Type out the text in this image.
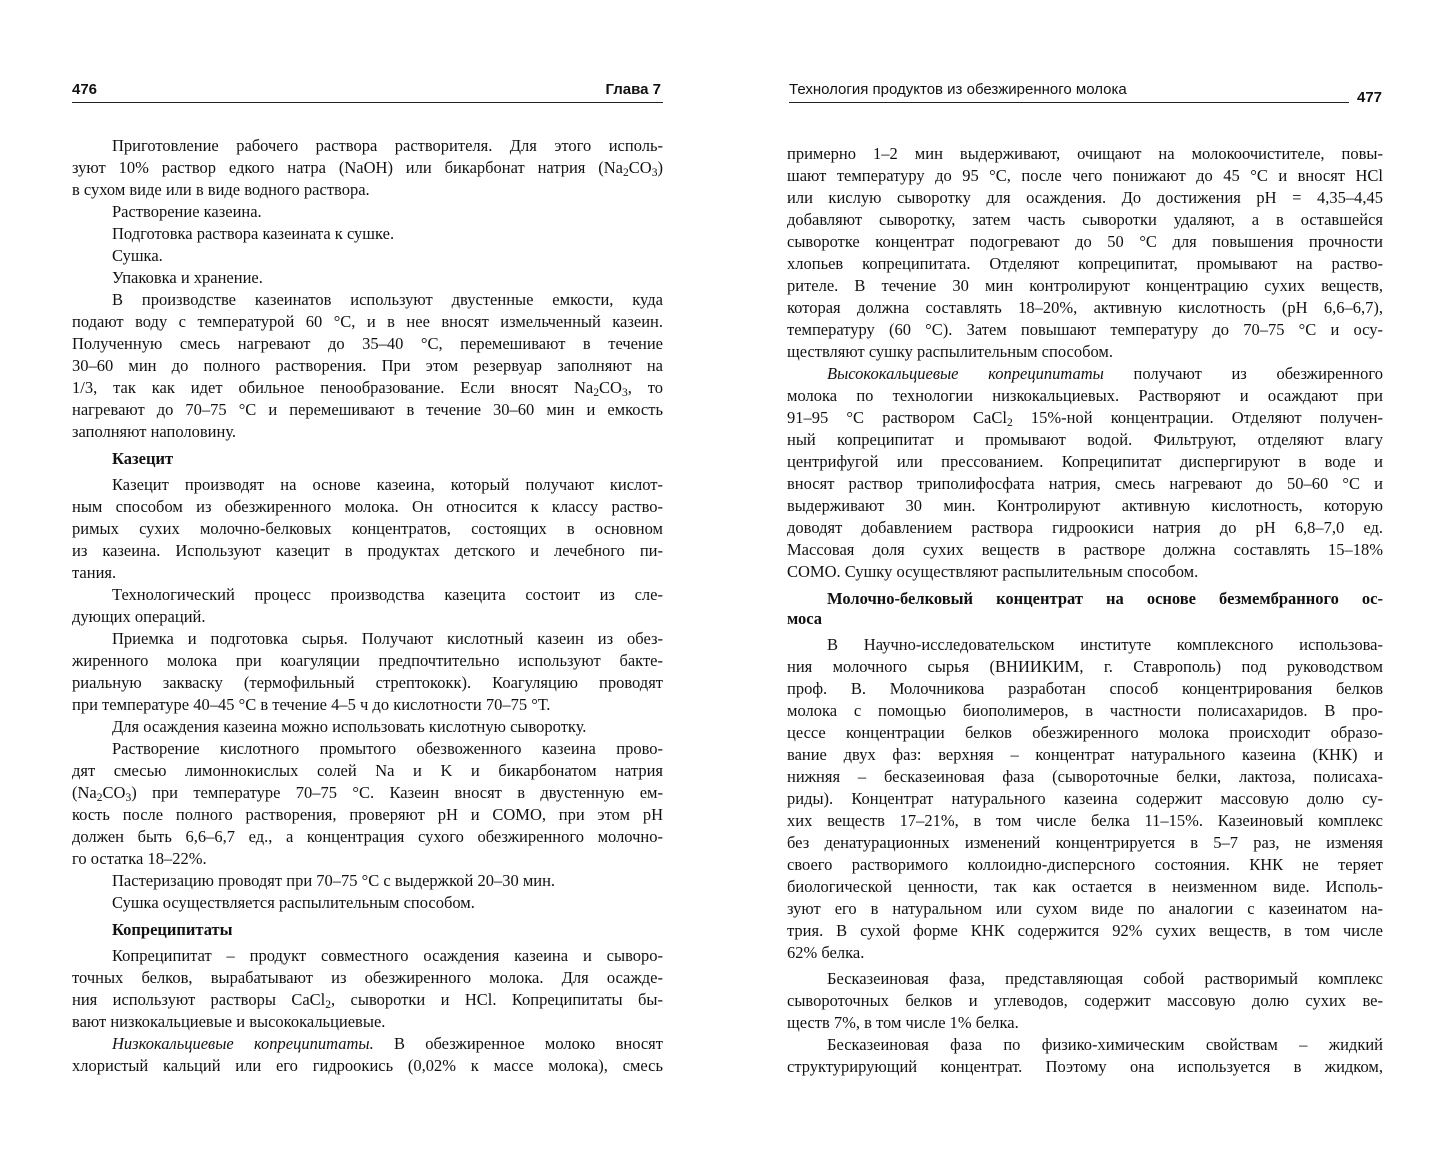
476	Глава 7
Приготовление рабочего раствора растворителя. Для этого исполь-
зуют 10% раствор едкого натра (NaOH) или бикарбонат натрия $(Na_2CO_3)$
в сухом виде или в виде водного раствора.
Растворение казеина.
Подготовка раствора казеината к сушке.
Сушка.
Упаковка и хранение.
В производстве казеинатов используют двустенные емкости, куда
подают воду с температурой 60 °С, и в нее вносят измельченный казеин.
Полученную смесь нагревают до 35–40 °С, перемешивают в течение
30–60 мин до полного растворения. При этом резервуар заполняют на
1/3, так как идет обильное пенообразование. Если вносят $Na_2CO_3$, то
нагревают до 70–75 °С и перемешивают в течение 30–60 мин и емкость
заполняют наполовину.
Казецит
Казецит производят на основе казеина, который получают кислот-
ным способом из обезжиренного молока. Он относится к классу раство-
римых сухих молочно-белковых концентратов, состоящих в основном
из казеина. Используют казецит в продуктах детского и лечебного пи-
тания.
Технологический процесс производства казецита состоит из сле-
дующих операций.
Приемка и подготовка сырья. Получают кислотный казеин из обез-
жиренного молока при коагуляции предпочтительно используют бакте-
риальную закваску (термофильный стрептококк). Коагуляцию проводят
при температуре 40–45 °С в течение 4–5 ч до кислотности 70–75 °Т.
Для осаждения казеина можно использовать кислотную сыворотку.
Растворение кислотного промытого обезвоженного казеина прово-
дят смесью лимоннокислых солей Na и K и бикарбонатом натрия
$(Na_2CO_3)$ при температуре 70–75 °С. Казеин вносят в двустенную ем-
кость после полного растворения, проверяют pH и СОМО, при этом pH
должен быть 6,6–6,7 ед., а концентрация сухого обезжиренного молочно-
го остатка 18–22%.
Пастеризацию проводят при 70–75 °С с выдержкой 20–30 мин.
Сушка осуществляется распылительным способом.
Копреципитаты
Копреципитат – продукт совместного осаждения казеина и сыворо-
точных белков, вырабатывают из обезжиренного молока. Для осажде-
ния используют растворы CaCl$_2$, сыворотки и HCl. Копреципитаты бы-
вают низкокальциевые и высококальциевые.
Низкокальциевые копреципитаты. В обезжиренное молоко вносят
хлористый кальций или его гидроокись (0,02% к массе молока), смесь
Технология продуктов из обезжиренного молока	477
примерно 1–2 мин выдерживают, очищают на молокоочистителе, повы-
шают температуру до 95 °С, после чего понижают до 45 °С и вносят HCl
или кислую сыворотку для осаждения. До достижения pH = 4,35–4,45
добавляют сыворотку, затем часть сыворотки удаляют, а в оставшейся
сыворотке концентрат подогревают до 50 °С для повышения прочности
хлопьев копреципитата. Отделяют копреципитат, промывают на раство-
рителе. В течение 30 мин контролируют концентрацию сухих веществ,
которая должна составлять 18–20%, активную кислотность (pH 6,6–6,7),
температуру (60 °С). Затем повышают температуру до 70–75 °С и осу-
ществляют сушку распылительным способом.
Высококальциевые копреципитаты получают из обезжиренного
молока по технологии низкокальциевых. Растворяют и осаждают при
91–95 °С раствором CaCl$_2$ 15%-ной концентрации. Отделяют получен-
ный копреципитат и промывают водой. Фильтруют, отделяют влагу
центрифугой или прессованием. Копреципитат диспергируют в воде и
вносят раствор триполифосфата натрия, смесь нагревают до 50–60 °С и
выдерживают 30 мин. Контролируют активную кислотность, которую
доводят добавлением раствора гидроокиси натрия до pH 6,8–7,0 ед.
Массовая доля сухих веществ в растворе должна составлять 15–18%
СОМО. Сушку осуществляют распылительным способом.
Молочно-белковый концентрат на основе безмембранного ос-
моса
В Научно-исследовательском институте комплексного использова-
ния молочного сырья (ВНИИКИМ, г. Ставрополь) под руководством
проф. В. Молочникова разработан способ концентрирования белков
молока с помощью биополимеров, в частности полисахаридов. В про-
цессе концентрации белков обезжиренного молока происходит образо-
вание двух фаз: верхняя – концентрат натурального казеина (КНК) и
нижняя – бесказеиновая фаза (сывороточные белки, лактоза, полисаха-
риды). Концентрат натурального казеина содержит массовую долю су-
хих веществ 17–21%, в том числе белка 11–15%. Казеиновый комплекс
без денатурационных изменений концентрируется в 5–7 раз, не изменяя
своего растворимого коллоидно-дисперсного состояния. КНК не теряет
биологической ценности, так как остается в неизменном виде. Исполь-
зуют его в натуральном или сухом виде по аналогии с казеинатом на-
трия. В сухой форме КНК содержится 92% сухих веществ, в том числе
62% белка.
Бесказеиновая фаза, представляющая собой растворимый комплекс
сывороточных белков и углеводов, содержит массовую долю сухих ве-
ществ 7%, в том числе 1% белка.
Бесказеиновая фаза по физико-химическим свойствам – жидкий
структурирующий концентрат. Поэтому она используется в жидком,
